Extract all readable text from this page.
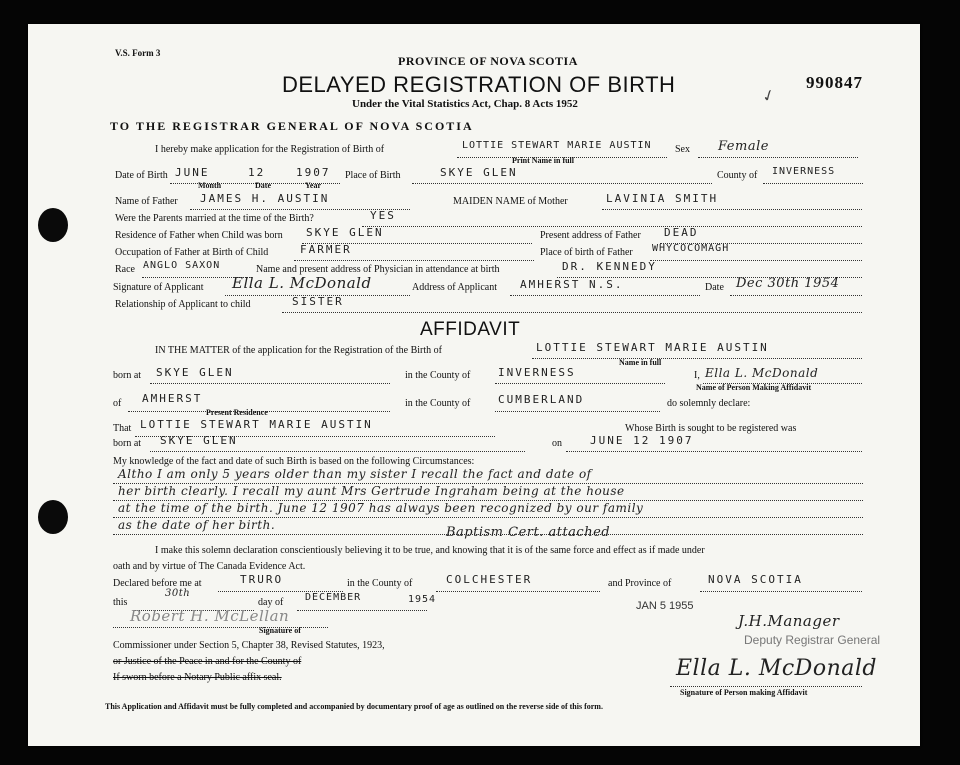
V.S. Form 3
PROVINCE OF NOVA SCOTIA
DELAYED REGISTRATION OF BIRTH
Under the Vital Statistics Act, Chap. 8 Acts 1952
990847
✓
TO THE REGISTRAR GENERAL OF NOVA SCOTIA
I hereby make application for the Registration of Birth of	LOTTIE STEWART MARIE AUSTIN Sex Female
Print Name in full
Date of Birth JUNE	12	1907
Month	Date	Year
Place of Birth	SKYE GLEN	County of INVERNESS
Name of Father JAMES H. AUSTIN	MAIDEN NAME of Mother	LAVINIA SMITH
Were the Parents married at the time of the Birth?	YES
Residence of Father when Child was born SKYE GLEN	Present address of Father DEAD
Occupation of Father at Birth of Child	FARMER	Place of birth of Father WHYCOCOMAGH
Race ANGLO SAXON	Name and present address of Physician in attendance at birth	DR. KENNEDY
Signature of Applicant Ella L. McDonald	Address of Applicant AMHERST N.S.	Date Dec 30th 1954
Relationship of Applicant to child	SISTER
AFFIDAVIT
IN THE MATTER of the application for the Registration of the Birth of	LOTTIE STEWART MARIE AUSTIN
Name in full
born at SKYE GLEN	in the County of	INVERNESS	I, Ella L. McDonald
Name of Person Making Affidavit
of AMHERST
Present Residence
in the County of	CUMBERLAND	do solemnly declare:
That LOTTIE STEWART MARIE AUSTIN	Whose Birth is sought to be registered was
born at SKYE GLEN	on	JUNE 12 1907
My knowledge of the fact and date of such Birth is based on the following Circumstances:
Altho I am only 5 years older than my sister I recall the fact and date of
her birth clearly. I recall my aunt Mrs Gertrude Ingraham being at the house
at the time of the birth. June 12 1907 has always been recognized by our family
as the date of her birth.	Baptism Cert. attached
I make this solemn declaration conscientiously believing it to be true, and knowing that it is of the same force and effect as if made under
oath and by virtue of The Canada Evidence Act.
Declared before me at	TRURO	in the County of	COLCHESTER	and Province of	NOVA SCOTIA
this
30th
day of DECEMBER	1954
JAN 5 1955
Robert H. McLellan
Signature of
J.H.Manager
Deputy Registrar General
Commissioner under Section 5, Chapter 38, Revised Statutes, 1923,
or Justice of the Peace in and for the County of
If sworn before a Notary Public affix seal.	Ella L. McDonald
Signature of Person making Affidavit
This Application and Affidavit must be fully completed and accompanied by documentary proof of age as outlined on the reverse side of this form.
